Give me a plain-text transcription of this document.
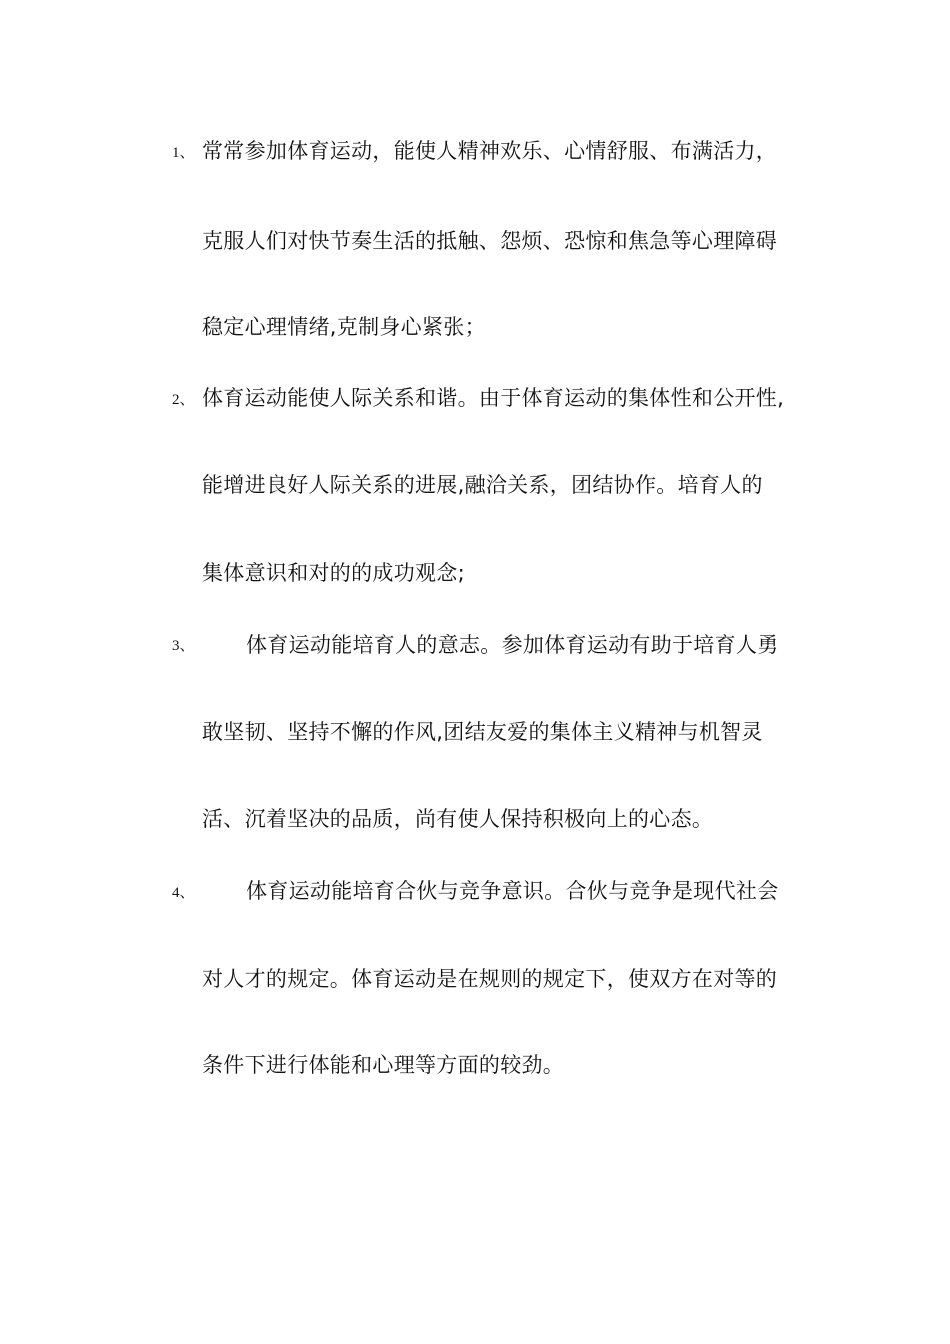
1、 常常参加体育运动，能使人精神欢乐、心情舒服、布满活力，
克服人们对快节奏生活的抵触、怨烦、恐惊和焦急等心理障碍
稳定心理情绪,克制身心紧张；
2、 体育运动能使人际关系和谐。由于体育运动的集体性和公开性,
能增进良好人际关系的进展,融洽关系，团结协作。培育人的
集体意识和对的的成功观念;
3、 体育运动能培育人的意志。参加体育运动有助于培育人勇
敢坚韧、坚持不懈的作风,团结友爱的集体主义精神与机智灵
活、沉着坚决的品质，尚有使人保持积极向上的心态。
4、 体育运动能培育合伙与竞争意识。合伙与竞争是现代社会
对人才的规定。体育运动是在规则的规定下，使双方在对等的
条件下进行体能和心理等方面的较劲。
